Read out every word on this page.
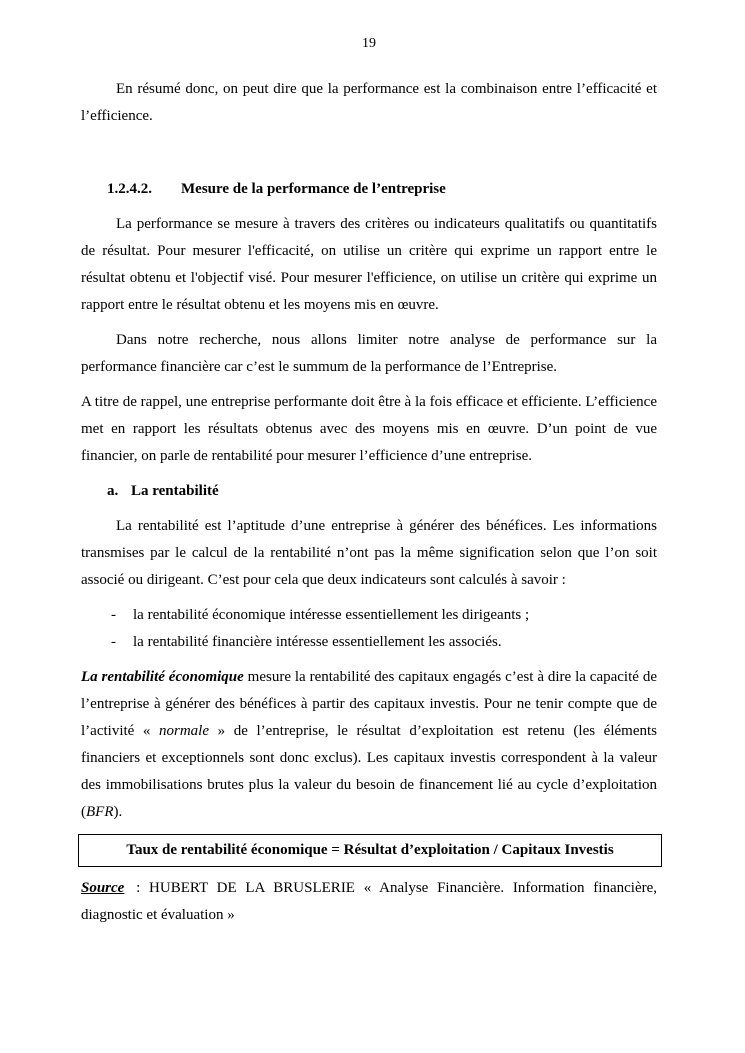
19

En résumé donc, on peut dire que la performance est la combinaison entre l’efficacité et l’efficience.

1.2.4.2. Mesure de la performance de l’entreprise

La performance se mesure à travers des critères ou indicateurs qualitatifs ou quantitatifs de résultat. Pour mesurer l'efficacité, on utilise un critère qui exprime un rapport entre le résultat obtenu et l'objectif visé. Pour mesurer l'efficience, on utilise un critère qui exprime un rapport entre le résultat obtenu et les moyens mis en œuvre.

Dans notre recherche, nous allons limiter notre analyse de performance sur la performance financière car c’est le summum de la performance de l’Entreprise.

A titre de rappel, une entreprise performante doit être à la fois efficace et efficiente. L’efficience met en rapport les résultats obtenus avec des moyens mis en œuvre. D’un point de vue financier, on parle de rentabilité pour mesurer l’efficience d’une entreprise.

a. La rentabilité

La rentabilité est l’aptitude d’une entreprise à générer des bénéfices. Les informations transmises par le calcul de la rentabilité n’ont pas la même signification selon que l’on soit associé ou dirigeant. C’est pour cela que deux indicateurs sont calculés à savoir :

- la rentabilité économique intéresse essentiellement les dirigeants ;
- la rentabilité financière intéresse essentiellement les associés.

La rentabilité économique mesure la rentabilité des capitaux engagés c’est à dire la capacité de l’entreprise à générer des bénéfices à partir des capitaux investis. Pour ne tenir compte que de l’activité « normale » de l’entreprise, le résultat d’exploitation est retenu (les éléments financiers et exceptionnels sont donc exclus). Les capitaux investis correspondent à la valeur des immobilisations brutes plus la valeur du besoin de financement lié au cycle d’exploitation (BFR).

Taux de rentabilité économique = Résultat d’exploitation / Capitaux Investis

Source : HUBERT DE LA BRUSLERIE « Analyse Financière. Information financière, diagnostic et évaluation »
